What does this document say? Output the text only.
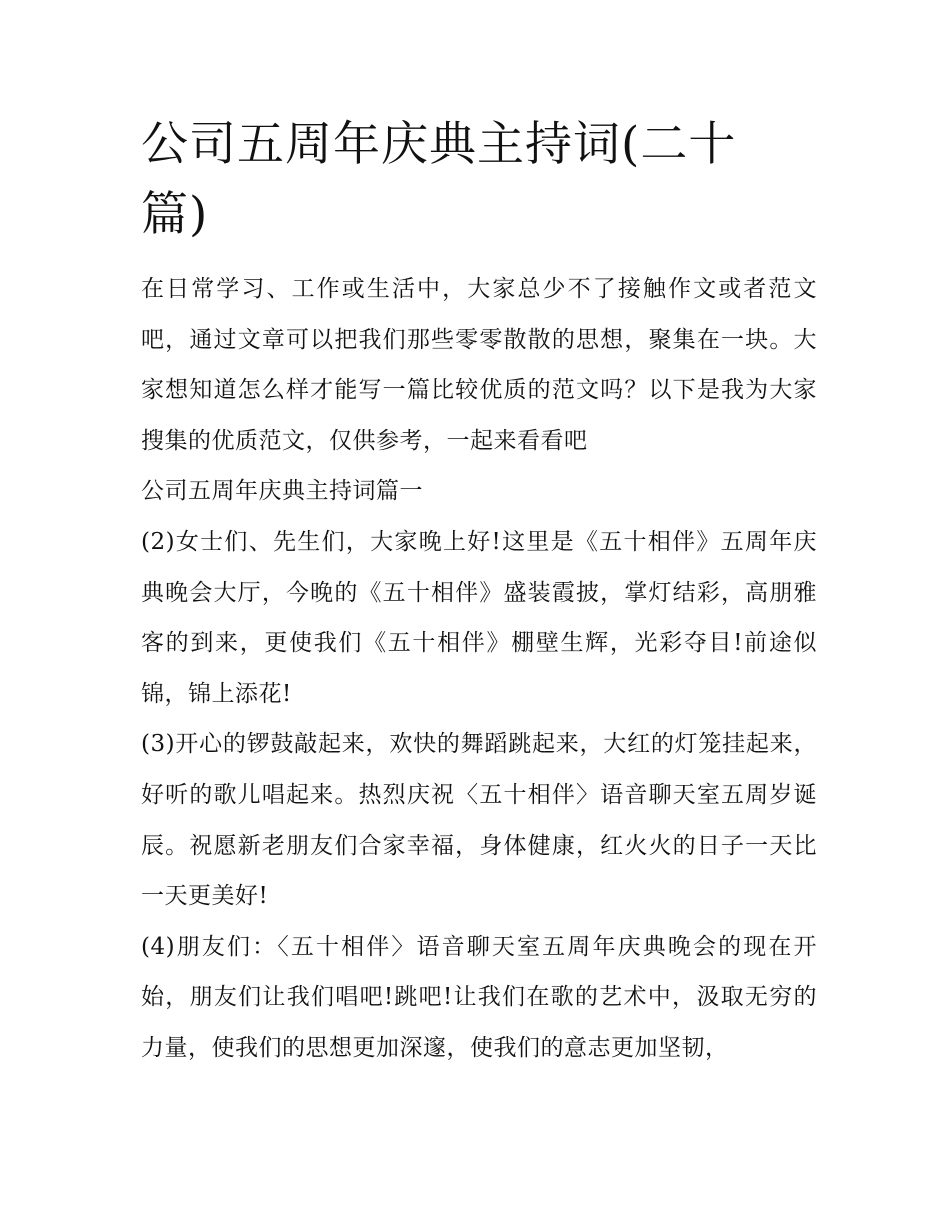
公司五周年庆典主持词(二十篇)

在日常学习、工作或生活中，大家总少不了接触作文或者范文吧，通过文章可以把我们那些零零散散的思想，聚集在一块。大家想知道怎么样才能写一篇比较优质的范文吗？以下是我为大家搜集的优质范文，仅供参考，一起来看看吧

公司五周年庆典主持词篇一

(2)女士们、先生们，大家晚上好!这里是《五十相伴》五周年庆典晚会大厅，今晚的《五十相伴》盛装霞披，掌灯结彩，高朋雅客的到来，更使我们《五十相伴》棚壁生辉，光彩夺目!前途似锦，锦上添花!

(3)开心的锣鼓敲起来，欢快的舞蹈跳起来，大红的灯笼挂起来，好听的歌儿唱起来。热烈庆祝〈五十相伴〉语音聊天室五周岁诞辰。祝愿新老朋友们合家幸福，身体健康，红火火的日子一天比一天更美好!

(4)朋友们：〈五十相伴〉语音聊天室五周年庆典晚会的现在开始，朋友们让我们唱吧!跳吧!让我们在歌的艺术中，汲取无穷的力量，使我们的思想更加深邃，使我们的意志更加坚韧，
